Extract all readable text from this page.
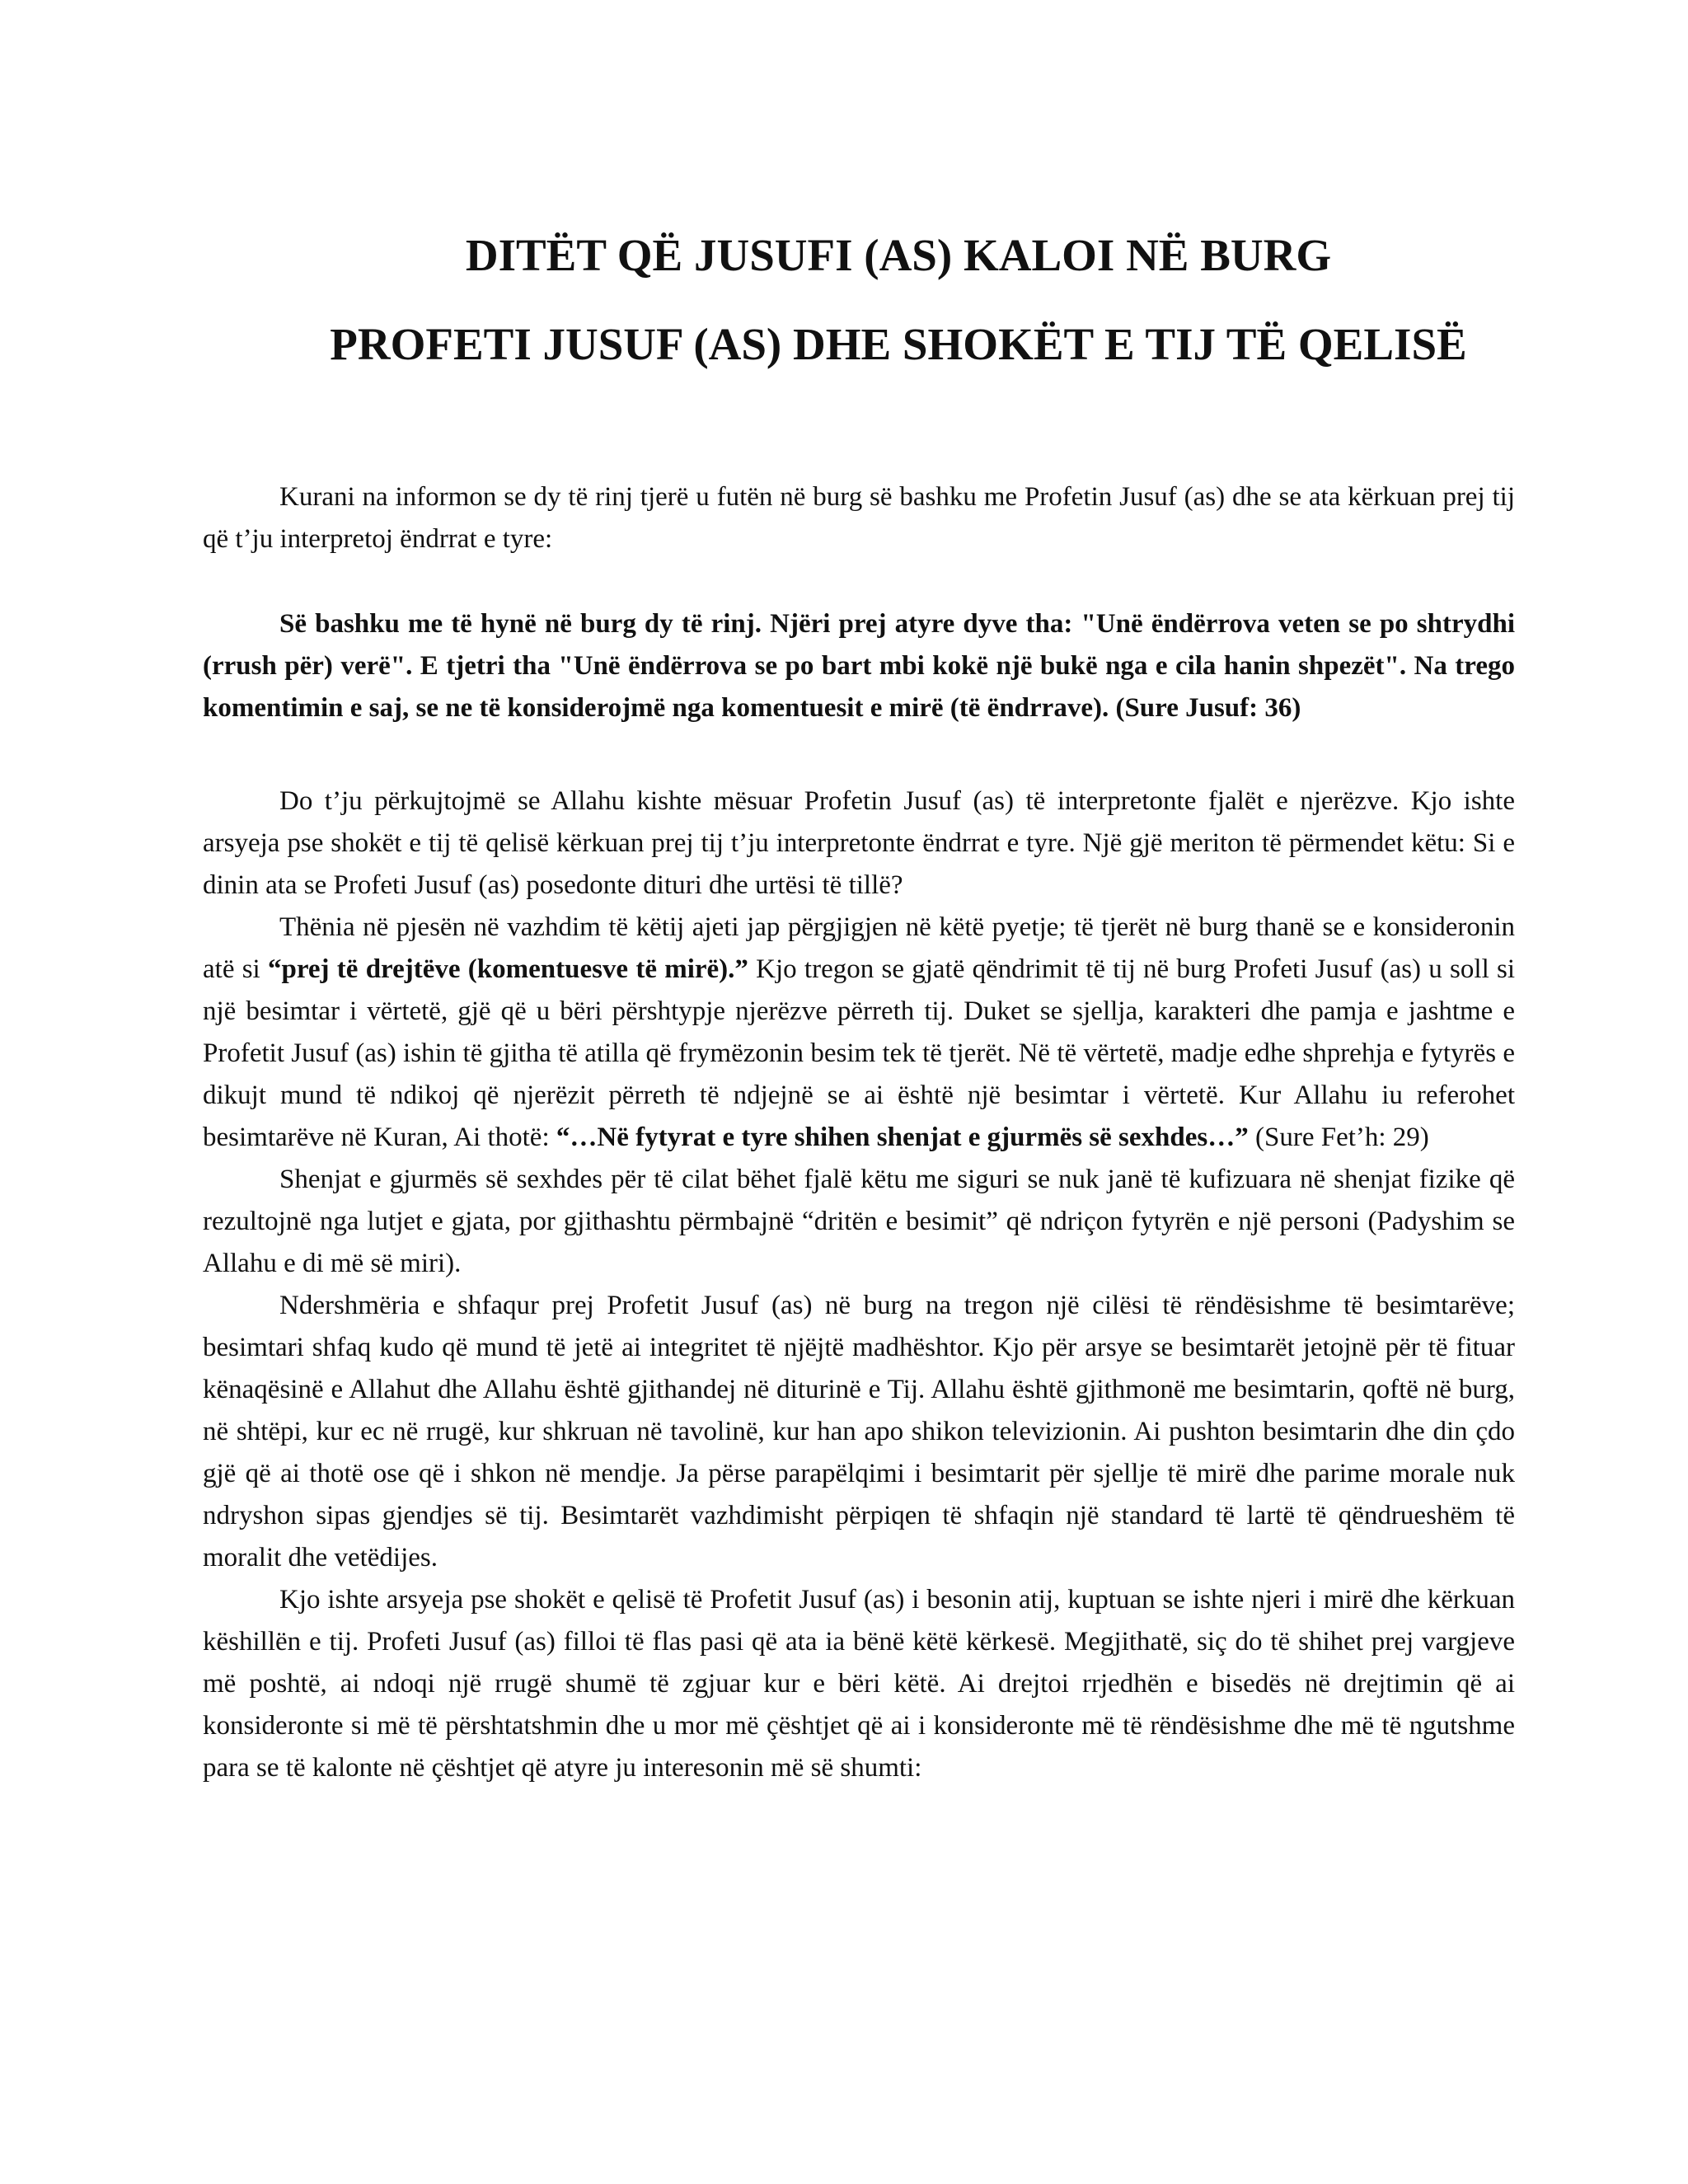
DITËT QË JUSUFI (AS) KALOI NË BURG
PROFETI JUSUF (AS) DHE SHOKËT E TIJ TË QELISË

Kurani na informon se dy të rinj tjerë u futën në burg së bashku me Profetin Jusuf (as) dhe se ata kërkuan prej tij që t’ju interpretoj ëndrrat e tyre:

Së bashku me të hynë në burg dy të rinj. Njëri prej atyre dyve tha: "Unë ëndërrova veten se po shtrydhi (rrush për) verë". E tjetri tha "Unë ëndërrova se po bart mbi kokë një bukë nga e cila hanin shpezët". Na trego komentimin e saj, se ne të konsiderojmë nga komentuesit e mirë (të ëndrrave). (Sure Jusuf: 36)

Do t’ju përkujtojmë se Allahu kishte mësuar Profetin Jusuf (as) të interpretonte fjalët e njerëzve. Kjo ishte arsyeja pse shokët e tij të qelisë kërkuan prej tij t’ju interpretonte ëndrrat e tyre. Një gjë meriton të përmendet këtu: Si e dinin ata se Profeti Jusuf (as) posedonte dituri dhe urtësi të tillë?

Thënia në pjesën në vazhdim të këtij ajeti jap përgjigjen në këtë pyetje; të tjerët në burg thanë se e konsideronin atë si “prej të drejtëve (komentuesve të mirë).” Kjo tregon se gjatë qëndrimit të tij në burg Profeti Jusuf (as) u soll si një besimtar i vërtetë, gjë që u bëri përshtypje njerëzve përreth tij. Duket se sjellja, karakteri dhe pamja e jashtme e Profetit Jusuf (as) ishin të gjitha të atilla që frymëzonin besim tek të tjerët. Në të vërtetë, madje edhe shprehja e fytyrës e dikujt mund të ndikoj që njerëzit përreth të ndjejnë se ai është një besimtar i vërtetë. Kur Allahu iu referohet besimtarëve në Kuran, Ai thotë: “…Në fytyrat e tyre shihen shenjat e gjurmës së sexhdes…” (Sure Fet’h: 29)

Shenjat e gjurmës së sexhdes për të cilat bëhet fjalë këtu me siguri se nuk janë të kufizuara në shenjat fizike që rezultojnë nga lutjet e gjata, por gjithashtu përmbajnë “dritën e besimit” që ndriçon fytyrën e një personi (Padyshim se Allahu e di më së miri).

Ndershmëria e shfaqur prej Profetit Jusuf (as) në burg na tregon një cilësi të rëndësishme të besimtarëve; besimtari shfaq kudo që mund të jetë ai integritet të njëjtë madhështor. Kjo për arsye se besimtarët jetojnë për të fituar kënaqësinë e Allahut dhe Allahu është gjithandej në diturinë e Tij. Allahu është gjithmonë me besimtarin, qoftë në burg, në shtëpi, kur ec në rrugë, kur shkruan në tavolinë, kur han apo shikon televizionin. Ai pushton besimtarin dhe din çdo gjë që ai thotë ose që i shkon në mendje. Ja përse parapëlqimi i besimtarit për sjellje të mirë dhe parime morale nuk ndryshon sipas gjendjes së tij. Besimtarët vazhdimisht përpiqen të shfaqin një standard të lartë të qëndrueshëm të moralit dhe vetëdijes.

Kjo ishte arsyeja pse shokët e qelisë të Profetit Jusuf (as) i besonin atij, kuptuan se ishte njeri i mirë dhe kërkuan këshillën e tij. Profeti Jusuf (as) filloi të flas pasi që ata ia bënë këtë kërkesë. Megjithatë, siç do të shihet prej vargjeve më poshtë, ai ndoqi një rrugë shumë të zgjuar kur e bëri këtë. Ai drejtoi rrjedhën e bisedës në drejtimin që ai konsideronte si më të përshtatshmin dhe u mor më çështjet që ai i konsideronte më të rëndësishme dhe më të ngutshme para se të kalonte në çështjet që atyre ju interesonin më së shumti:
